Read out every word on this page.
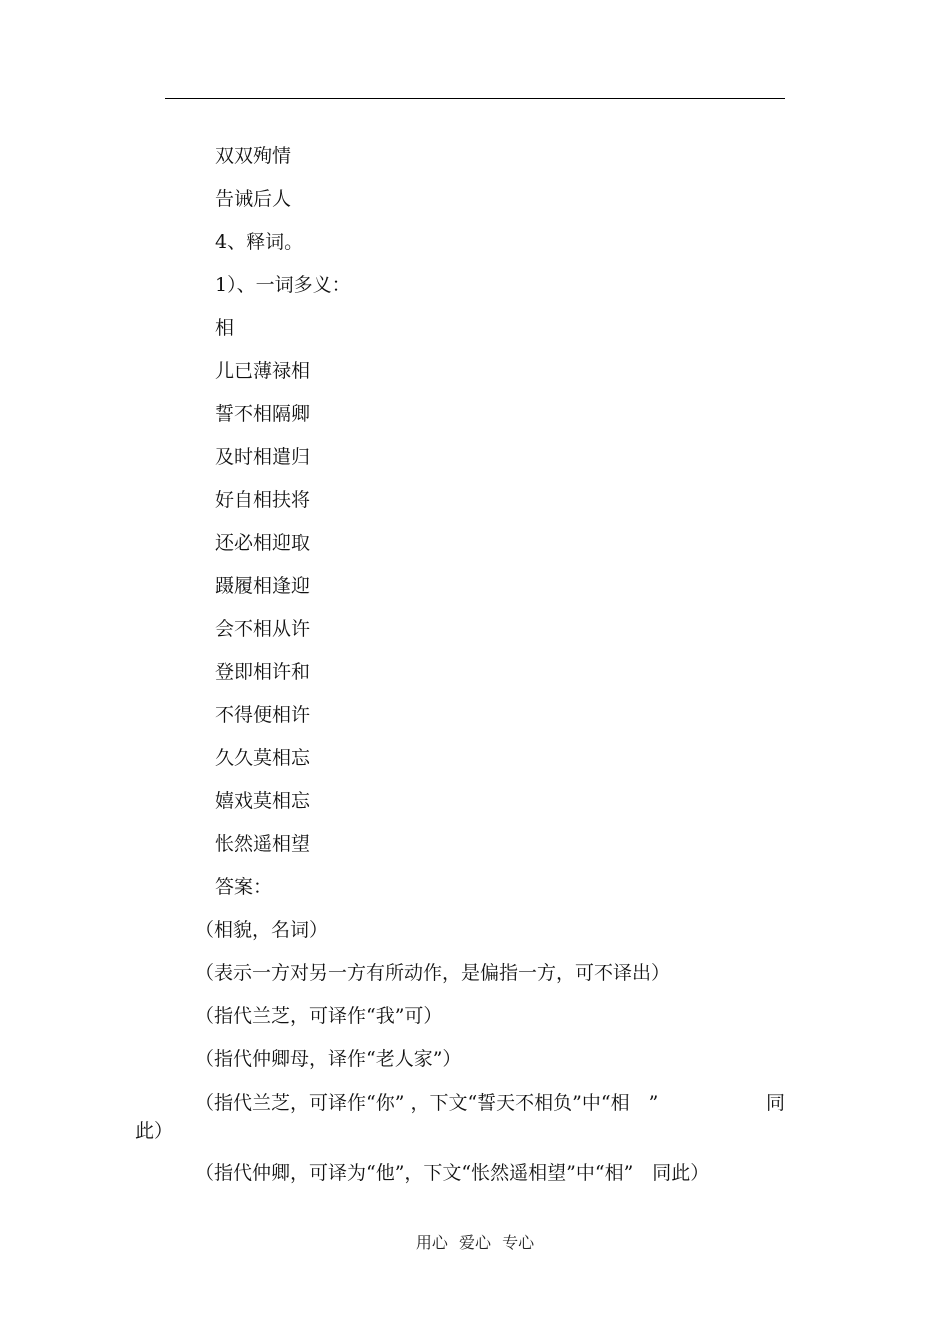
双双殉情
告诫后人
4、释词。
1）、一词多义：
相
儿已薄禄相
誓不相隔卿
及时相遣归
好自相扶将
还必相迎取
蹑履相逢迎
会不相从许
登即相许和
不得便相许
久久莫相忘
嬉戏莫相忘
怅然遥相望
答案：
（相貌，名词）
（表示一方对另一方有所动作，是偏指一方，可不译出）
（指代兰芝，可译作“我”可）
（指代仲卿母，译作“老人家”）
同
（指代兰芝，可译作“你” ，下文“誓天不相负”中“相　”
此）
（指代仲卿，可译为“他”，下文“怅然遥相望”中“相”　同此）
用心 爱心 专心
